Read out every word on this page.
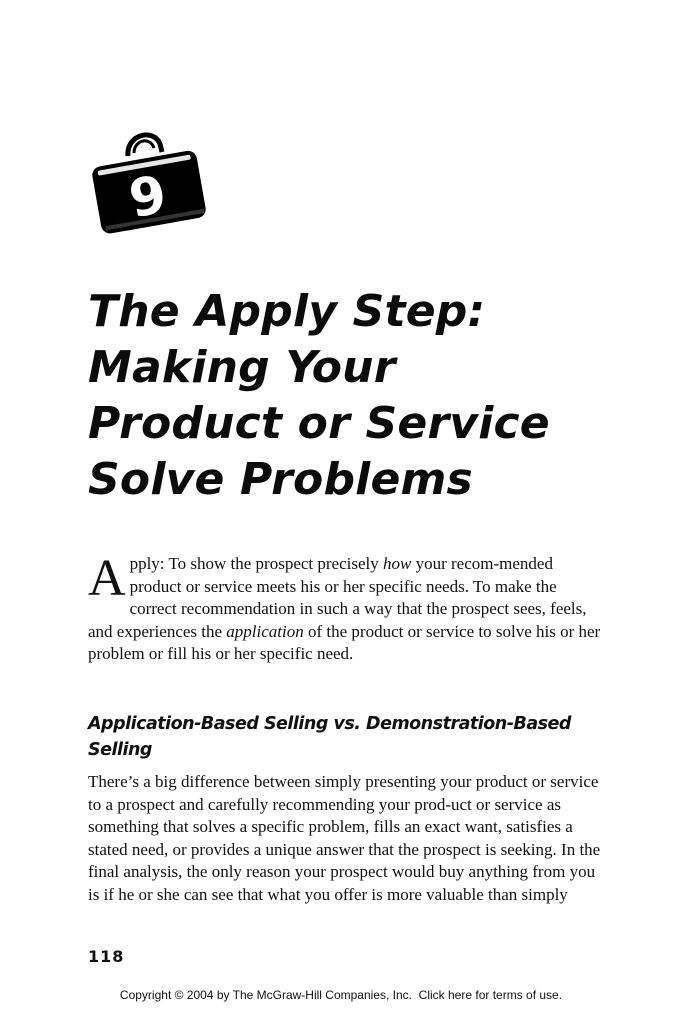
9
The Apply Step:
Making Your
Product or Service
Solve Problems

Apply: To show the prospect precisely how your recom-mended product or service meets his or her specific needs. To make the correct recommendation in such a way that the prospect sees, feels, and experiences the application of the product or service to solve his or her problem or fill his or her specific need.

Application-Based Selling vs. Demonstration-Based Selling

There’s a big difference between simply presenting your product or service to a prospect and carefully recommending your prod-uct or service as something that solves a specific problem, fills an exact want, satisfies a stated need, or provides a unique answer that the prospect is seeking. In the final analysis, the only reason your prospect would buy anything from you is if he or she can see that what you offer is more valuable than simply

118

Copyright © 2004 by The McGraw-Hill Companies, Inc. Click here for terms of use.
